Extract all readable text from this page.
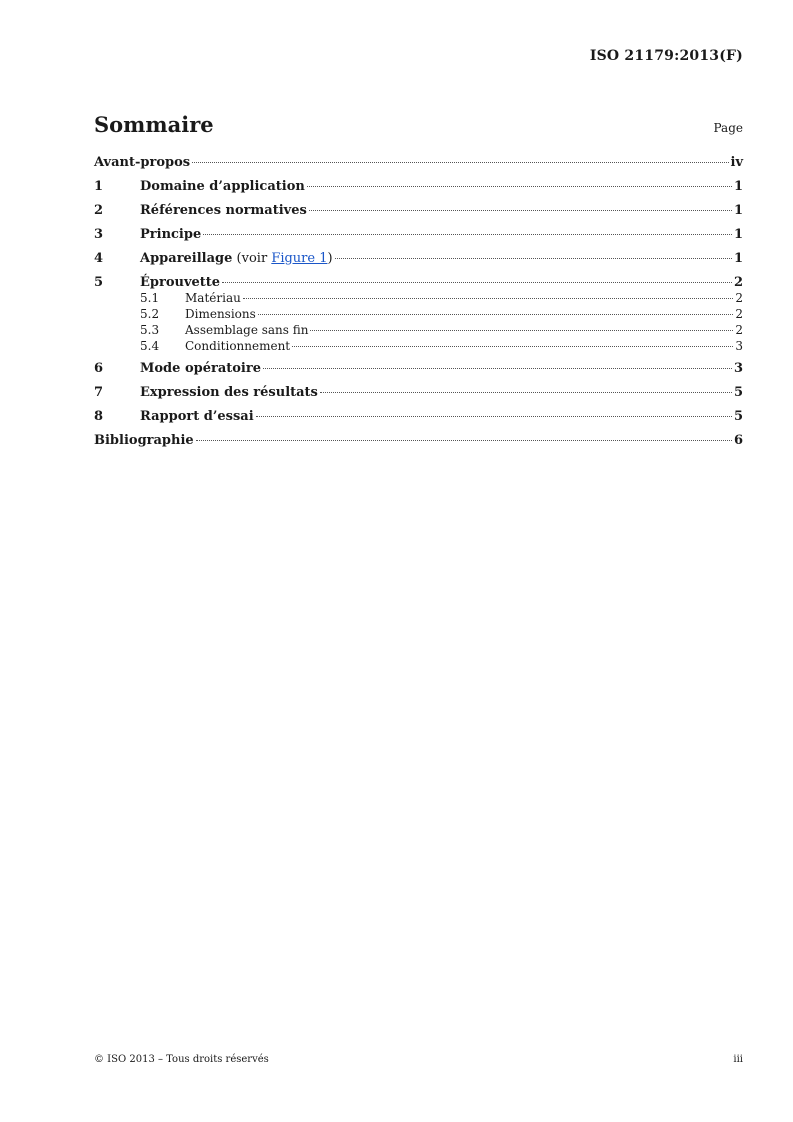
ISO 21179:2013(F)
Sommaire	Page
Avant-propos	iv
1	Domaine d’application	1
2	Références normatives	1
3	Principe	1
4	Appareillage (voir Figure 1)	1
5	Éprouvette	2
5.1	Matériau	2
5.2	Dimensions	2
5.3	Assemblage sans fin	2
5.4	Conditionnement	3
6	Mode opératoire	3
7	Expression des résultats	5
8	Rapport d’essai	5
Bibliographie	6
© ISO 2013 – Tous droits réservés	iii
